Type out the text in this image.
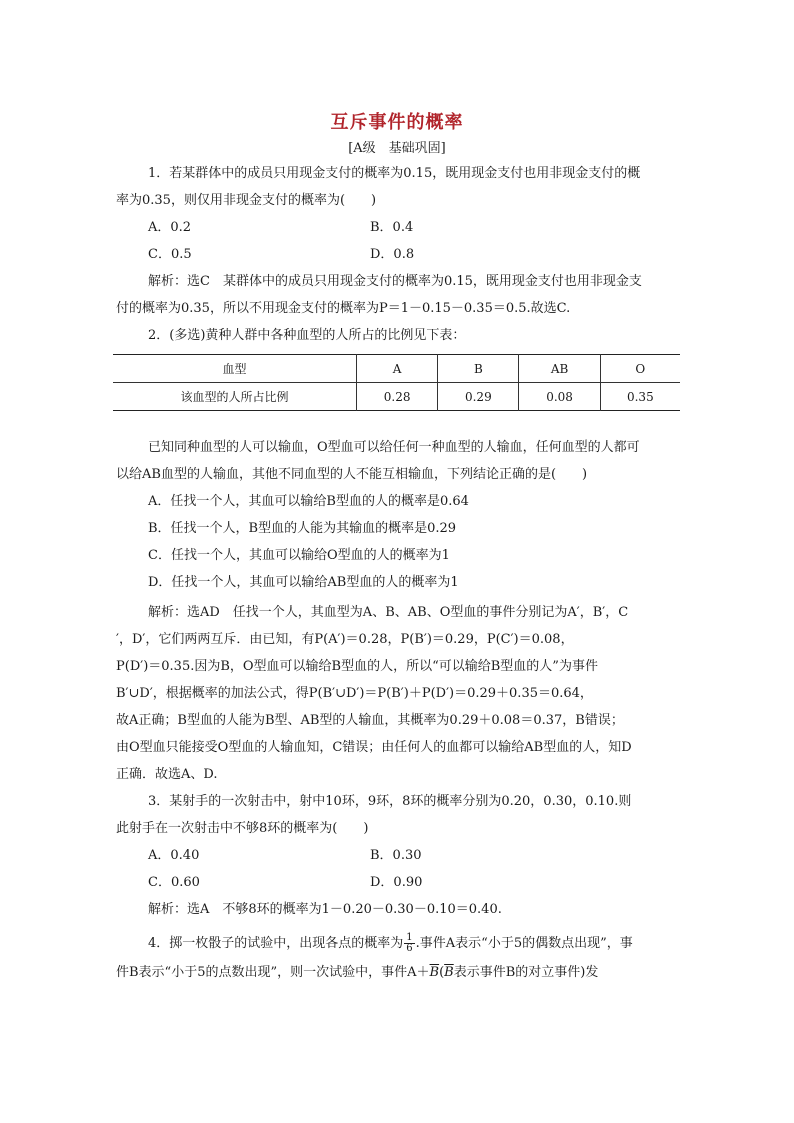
互斥事件的概率
[A级　基础巩固]
1．若某群体中的成员只用现金支付的概率为0.15，既用现金支付也用非现金支付的概
率为0.35，则仅用非现金支付的概率为(　　)
A．0.2	B．0.4
C．0.5	D．0.8
解析：选C　某群体中的成员只用现金支付的概率为0.15，既用现金支付也用非现金支
付的概率为0.35，所以不用现金支付的概率为P＝1－0.15－0.35＝0.5.故选C.
2．(多选)黄种人群中各种血型的人所占的比例见下表：
血型	A	B	AB	O
该血型的人所占比例	0.28	0.29	0.08	0.35
已知同种血型的人可以输血，O型血可以给任何一种血型的人输血，任何血型的人都可
以给AB血型的人输血，其他不同血型的人不能互相输血，下列结论正确的是(　　)
A．任找一个人，其血可以输给B型血的人的概率是0.64
B．任找一个人，B型血的人能为其输血的概率是0.29
C．任找一个人，其血可以输给O型血的人的概率为1
D．任找一个人，其血可以输给AB型血的人的概率为1
解析：选AD　任找一个人，其血型为A、B、AB、O型血的事件分别记为A′，B′，C
′，D′，它们两两互斥．由已知，有P(A′)＝0.28，P(B′)＝0.29，P(C′)＝0.08，
P(D′)＝0.35.因为B，O型血可以输给B型血的人，所以“可以输给B型血的人”为事件
B′∪D′，根据概率的加法公式，得P(B′∪D′)＝P(B′)＋P(D′)＝0.29＋0.35＝0.64，
故A正确；B型血的人能为B型、AB型的人输血，其概率为0.29＋0.08＝0.37，B错误；
由O型血只能接受O型血的人输血知，C错误；由任何人的血都可以输给AB型血的人，知D
正确．故选A、D.
3．某射手的一次射击中，射中10环，9环，8环的概率分别为0.20，0.30，0.10.则
此射手在一次射击中不够8环的概率为(　　)
A．0.40	B．0.30
C．0.60	D．0.90
解析：选A　不够8环的概率为1－0.20－0.30－0.10＝0.40.
4．掷一枚骰子的试验中，出现各点的概率为 $\frac{1}{6}$ .事件A表示“小于5的偶数点出现”，事
件B表示“小于5的点数出现”，则一次试验中，事件$A+\overline{B}(\overline{B}$表示事件B的对立事件)发
